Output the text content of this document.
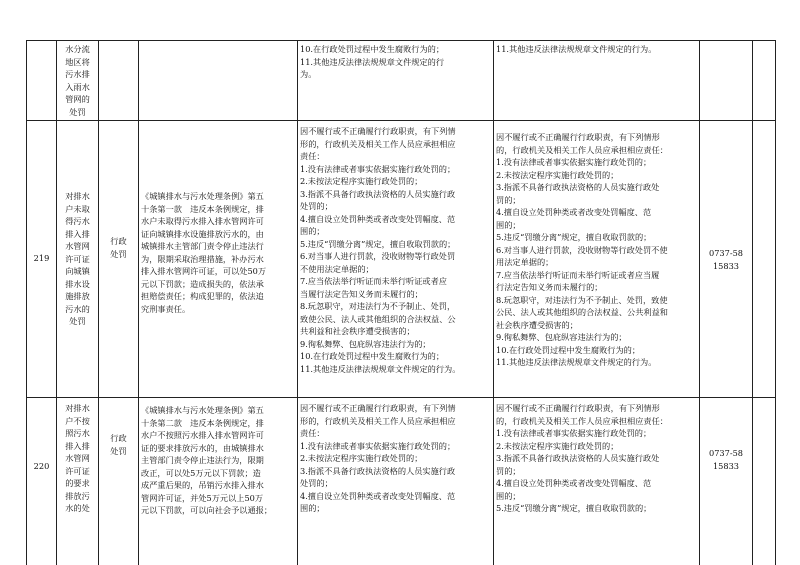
水分流
地区将
污水排
入雨水
管网的
处罚
10.在行政处罚过程中发生腐败行为的；
11.其他违反法律法规规章文件规定的行
为。
11.其他违反法律法规规章文件规定的行为。
219
对排水
户未取
得污水
排入排
水管网
许可证
向城镇
排水设
施排放
污水的
处罚
行政
处罚
《城镇排水与污水处理条例》第五
十条第一款　违反本条例规定，排
水户未取得污水排入排水管网许可
证向城镇排水设施排放污水的，由
城镇排水主管部门责令停止违法行
为，限期采取治理措施，补办污水
排入排水管网许可证，可以处50万
元以下罚款；造成损失的，依法承
担赔偿责任；构成犯罪的，依法追
究刑事责任。
因不履行或不正确履行行政职责，有下列情
形的，行政机关及相关工作人员应承担相应
责任：
1.没有法律或者事实依据实施行政处罚的；
2.未按法定程序实施行政处罚的；
3.指派不具备行政执法资格的人员实施行政
处罚的；
4.擅自设立处罚种类或者改变处罚幅度、范
围的；
5.违反“罚缴分离”规定，擅自收取罚款的；
6.对当事人进行罚款，没收财物等行政处罚
不使用法定单据的；
7.应当依法举行听证而未举行听证或者应
当履行法定告知义务而未履行的；
8.玩忽职守，对违法行为不予制止、处罚，
致使公民、法人或其他组织的合法权益、公
共利益和社会秩序遭受损害的；
9.徇私舞弊、包庇纵容违法行为的；
10.在行政处罚过程中发生腐败行为的；
11.其他违反法律法规规章文件规定的行为。
因不履行或不正确履行行政职责，有下列情形
的，行政机关及相关工作人员应承担相应责任：
1.没有法律或者事实依据实施行政处罚的；
2.未按法定程序实施行政处罚的；
3.指派不具备行政执法资格的人员实施行政处
罚的；
4.擅自设立处罚种类或者改变处罚幅度、范
围的；
5.违反“罚缴分离”规定，擅自收取罚款的；
6.对当事人进行罚款，没收财物等行政处罚不使
用法定单据的；
7.应当依法举行听证而未举行听证或者应当履
行法定告知义务而未履行的；
8.玩忽职守，对违法行为不予制止、处罚，致使
公民、法人或其他组织的合法权益、公共利益和
社会秩序遭受损害的；
9.徇私舞弊、包庇纵容违法行为的；
10.在行政处罚过程中发生腐败行为的；
11.其他违反法律法规规章文件规定的行为。
0737-58
15833
220
对排水
户不按
照污水
排入排
水管网
许可证
的要求
排放污
水的处
行政
处罚
《城镇排水与污水处理条例》第五
十条第二款　违反本条例规定，排
水户不按照污水排入排水管网许可
证的要求排放污水的，由城镇排水
主管部门责令停止违法行为，限期
改正，可以处5万元以下罚款；造
成严重后果的，吊销污水排入排水
管网许可证，并处5万元以上50万
元以下罚款，可以向社会予以通报；
因不履行或不正确履行行政职责，有下列情
形的，行政机关及相关工作人员应承担相应
责任：
1.没有法律或者事实依据实施行政处罚的；
2.未按法定程序实施行政处罚的；
3.指派不具备行政执法资格的人员实施行政
处罚的；
4.擅自设立处罚种类或者改变处罚幅度、范
围的；
因不履行或不正确履行行政职责，有下列情形
的，行政机关及相关工作人员应承担相应责任：
1.没有法律或者事实依据实施行政处罚的；
2.未按法定程序实施行政处罚的；
3.指派不具备行政执法资格的人员实施行政处
罚的；
4.擅自设立处罚种类或者改变处罚幅度、范
围的；
5.违反“罚缴分离”规定，擅自收取罚款的；
0737-58
15833
